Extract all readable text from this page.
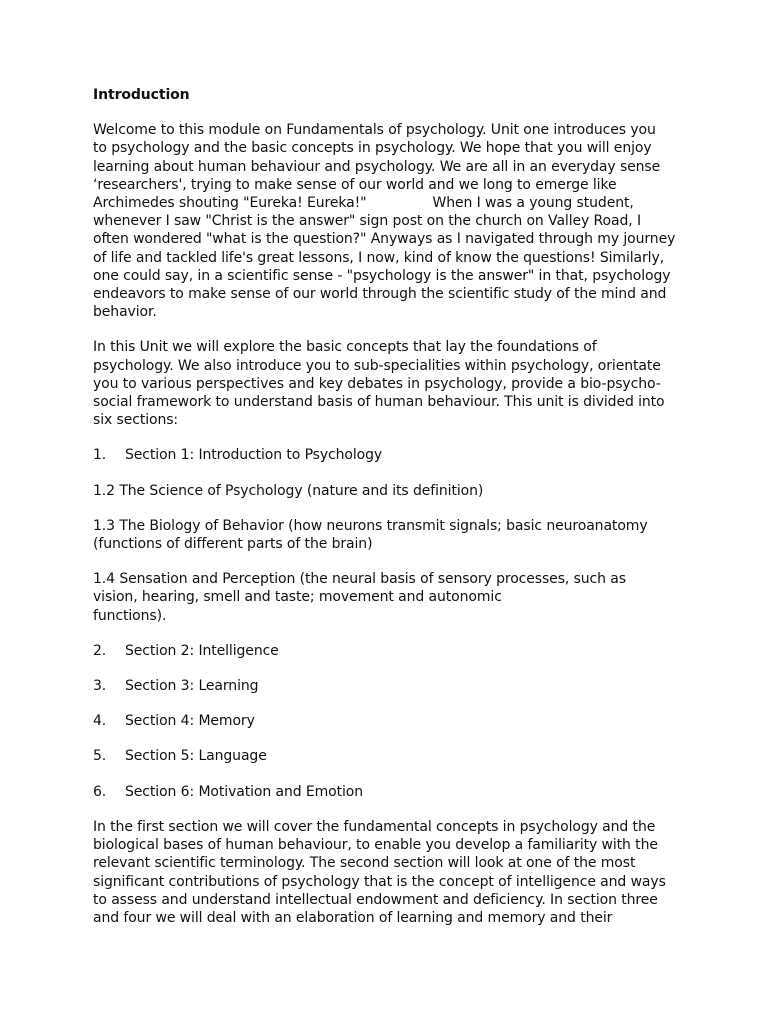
Introduction
Welcome to this module on Fundamentals of psychology. Unit one introduces you
to psychology and the basic concepts in psychology. We hope that you will enjoy
learning about human behaviour and psychology. We are all in an everyday sense
‘researchers', trying to make sense of our world and we long to emerge like
Archimedes shouting "Eureka! Eureka!"	When I was a young student,
whenever I saw "Christ is the answer" sign post on the church on Valley Road, I
often wondered "what is the question?" Anyways as I navigated through my journey
of life and tackled life's great lessons, I now, kind of know the questions! Similarly,
one could say, in a scientific sense - "psychology is the answer" in that, psychology
endeavors to make sense of our world through the scientific study of the mind and
behavior.
In this Unit we will explore the basic concepts that lay the foundations of
psychology. We also introduce you to sub-specialities within psychology, orientate
you to various perspectives and key debates in psychology, provide a bio-psycho-
social framework to understand basis of human behaviour. This unit is divided into
six sections:
1. Section 1: Introduction to Psychology
1.2 The Science of Psychology (nature and its definition)
1.3 The Biology of Behavior (how neurons transmit signals; basic neuroanatomy
(functions of different parts of the brain)
1.4 Sensation and Perception (the neural basis of sensory processes, such as
vision, hearing, smell and taste; movement and autonomic
functions).
2. Section 2: Intelligence
3. Section 3: Learning
4. Section 4: Memory
5. Section 5: Language
6. Section 6: Motivation and Emotion
In the first section we will cover the fundamental concepts in psychology and the
biological bases of human behaviour, to enable you develop a familiarity with the
relevant scientific terminology. The second section will look at one of the most
significant contributions of psychology that is the concept of intelligence and ways
to assess and understand intellectual endowment and deficiency. In section three
and four we will deal with an elaboration of learning and memory and their
